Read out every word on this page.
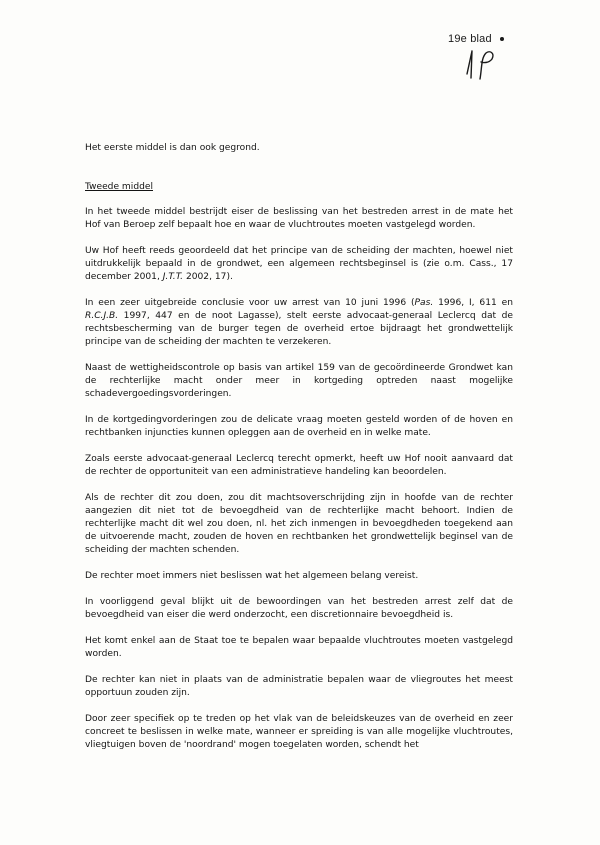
19e blad

Het eerste middel is dan ook gegrond.

Tweede middel

In het tweede middel bestrijdt eiser de beslissing van het bestreden arrest in de mate het Hof van Beroep zelf bepaalt hoe en waar de vluchtroutes moeten vastgelegd worden.

Uw Hof heeft reeds geoordeeld dat het principe van de scheiding der machten, hoewel niet uitdrukkelijk bepaald in de grondwet, een algemeen rechtsbeginsel is (zie o.m. Cass., 17 december 2001, J.T.T. 2002, 17).

In een zeer uitgebreide conclusie voor uw arrest van 10 juni 1996 (Pas. 1996, I, 611 en R.C.J.B. 1997, 447 en de noot Lagasse), stelt eerste advocaat-generaal Leclercq dat de rechtsbescherming van de burger tegen de overheid ertoe bijdraagt het grondwettelijk principe van de scheiding der machten te verzekeren.

Naast de wettigheidscontrole op basis van artikel 159 van de gecoördineerde Grondwet kan de rechterlijke macht onder meer in kortgeding optreden naast mogelijke schadevergoedingsvorderingen.

In de kortgedingvorderingen zou de delicate vraag moeten gesteld worden of de hoven en rechtbanken injuncties kunnen opleggen aan de overheid en in welke mate.

Zoals eerste advocaat-generaal Leclercq terecht opmerkt, heeft uw Hof nooit aanvaard dat de rechter de opportuniteit van een administratieve handeling kan beoordelen.

Als de rechter dit zou doen, zou dit machtsoverschrijding zijn in hoofde van de rechter aangezien dit niet tot de bevoegdheid van de rechterlijke macht behoort. Indien de rechterlijke macht dit wel zou doen, nl. het zich inmengen in bevoegdheden toegekend aan de uitvoerende macht, zouden de hoven en rechtbanken het grondwettelijk beginsel van de scheiding der machten schenden.

De rechter moet immers niet beslissen wat het algemeen belang vereist.

In voorliggend geval blijkt uit de bewoordingen van het bestreden arrest zelf dat de bevoegdheid van eiser die werd onderzocht, een discretionnaire bevoegdheid is.

Het komt enkel aan de Staat toe te bepalen waar bepaalde vluchtroutes moeten vastgelegd worden.

De rechter kan niet in plaats van de administratie bepalen waar de vliegroutes het meest opportuun zouden zijn.

Door zeer specifiek op te treden op het vlak van de beleidskeuzes van de overheid en zeer concreet te beslissen in welke mate, wanneer er spreiding is van alle mogelijke vluchtroutes, vliegtuigen boven de 'noordrand' mogen toegelaten worden, schendt het
